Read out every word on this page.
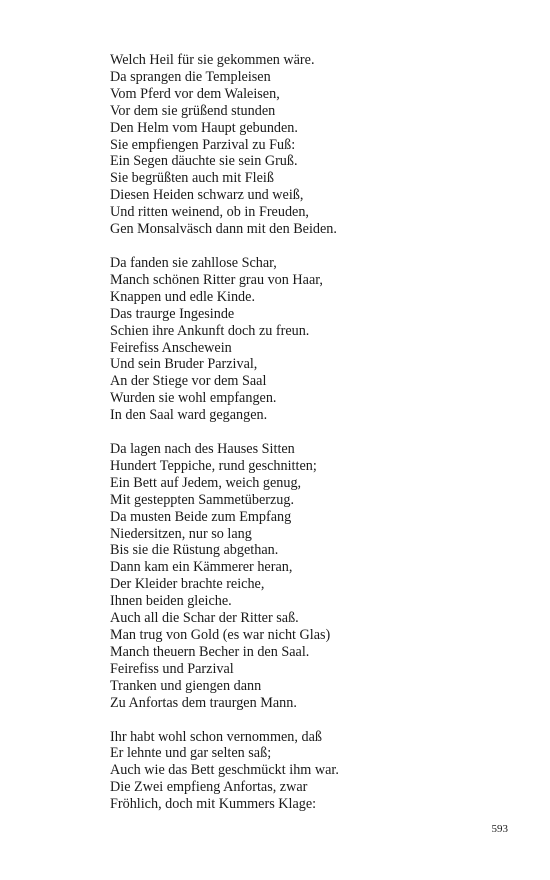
Welch Heil für sie gekommen wäre.
Da sprangen die Templeisen
Vom Pferd vor dem Waleisen,
Vor dem sie grüßend stunden
Den Helm vom Haupt gebunden.
Sie empfiengen Parzival zu Fuß:
Ein Segen däuchte sie sein Gruß.
Sie begrüßten auch mit Fleiß
Diesen Heiden schwarz und weiß,
Und ritten weinend, ob in Freuden,
Gen Monsalväsch dann mit den Beiden.
Da fanden sie zahllose Schar,
Manch schönen Ritter grau von Haar,
Knappen und edle Kinde.
Das traurge Ingesinde
Schien ihre Ankunft doch zu freun.
Feirefiss Anschewein
Und sein Bruder Parzival,
An der Stiege vor dem Saal
Wurden sie wohl empfangen.
In den Saal ward gegangen.
Da lagen nach des Hauses Sitten
Hundert Teppiche, rund geschnitten;
Ein Bett auf Jedem, weich genug,
Mit gesteppten Sammetüberzug.
Da musten Beide zum Empfang
Niedersitzen, nur so lang
Bis sie die Rüstung abgethan.
Dann kam ein Kämmerer heran,
Der Kleider brachte reiche,
Ihnen beiden gleiche.
Auch all die Schar der Ritter saß.
Man trug von Gold (es war nicht Glas)
Manch theuern Becher in den Saal.
Feirefiss und Parzival
Tranken und giengen dann
Zu Anfortas dem traurgen Mann.
Ihr habt wohl schon vernommen, daß
Er lehnte und gar selten saß;
Auch wie das Bett geschmückt ihm war.
Die Zwei empfieng Anfortas, zwar
Fröhlich, doch mit Kummers Klage:
593
